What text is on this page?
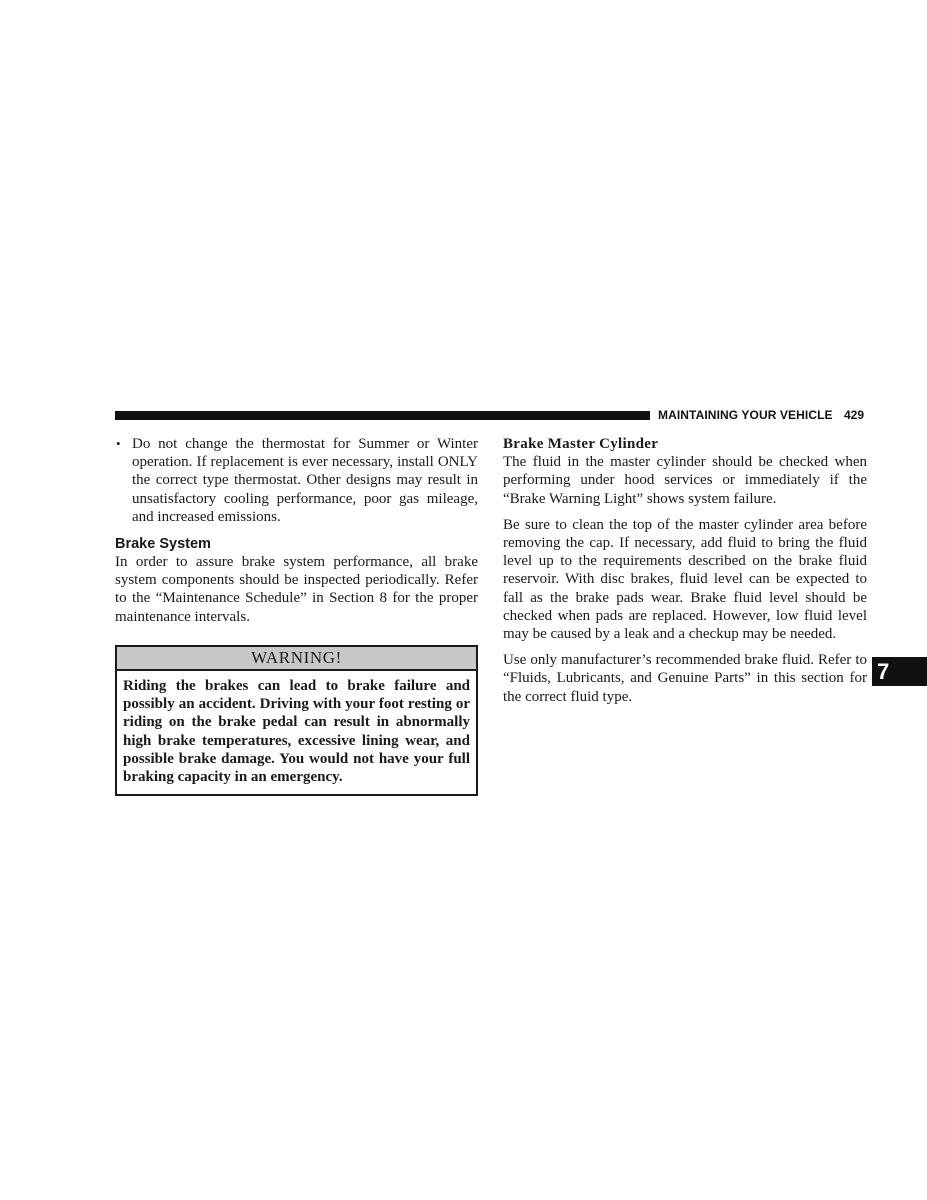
MAINTAINING YOUR VEHICLE 429

• Do not change the thermostat for Summer or Winter operation. If replacement is ever necessary, install ONLY the correct type thermostat. Other designs may result in unsatisfactory cooling performance, poor gas mileage, and increased emissions.

Brake System

In order to assure brake system performance, all brake system components should be inspected periodically. Refer to the “Maintenance Schedule” in Section 8 for the proper maintenance intervals.

WARNING!
Riding the brakes can lead to brake failure and possibly an accident. Driving with your foot resting or riding on the brake pedal can result in abnormally high brake temperatures, excessive lining wear, and possible brake damage. You would not have your full braking capacity in an emergency.
Brake Master Cylinder

The fluid in the master cylinder should be checked when performing under hood services or immediately if the “Brake Warning Light” shows system failure.

Be sure to clean the top of the master cylinder area before removing the cap. If necessary, add fluid to bring the fluid level up to the requirements described on the brake fluid reservoir. With disc brakes, fluid level can be expected to fall as the brake pads wear. Brake fluid level should be checked when pads are replaced. However, low fluid level may be caused by a leak and a checkup may be needed.

Use only manufacturer’s recommended brake fluid. Refer to “Fluids, Lubricants, and Genuine Parts” in this section for the correct fluid type.

7
